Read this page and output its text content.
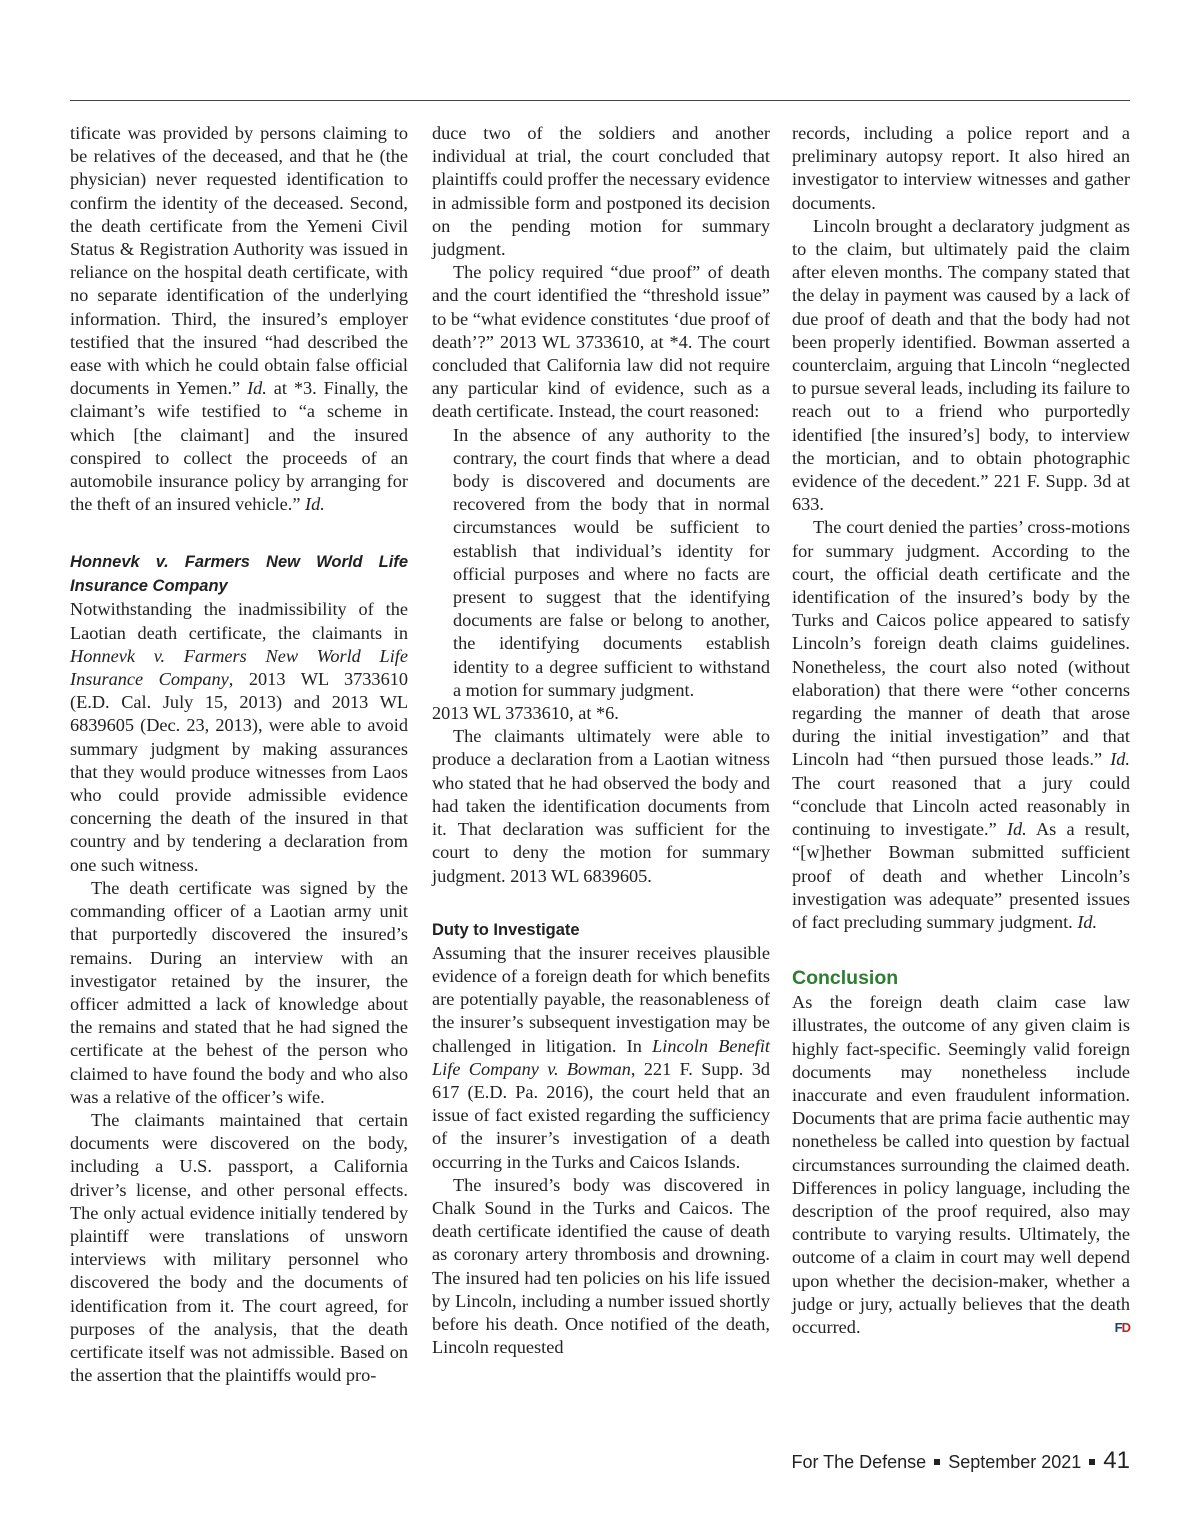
tificate was provided by persons claiming to be relatives of the deceased, and that he (the physician) never requested identification to confirm the identity of the deceased. Second, the death certificate from the Yemeni Civil Status & Registration Authority was issued in reliance on the hospital death certificate, with no separate identification of the underlying information. Third, the insured’s employer testified that the insured “had described the ease with which he could obtain false official documents in Yemen.” Id. at *3. Finally, the claimant’s wife testified to “a scheme in which [the claimant] and the insured conspired to collect the proceeds of an automobile insurance policy by arranging for the theft of an insured vehicle.” Id.

Honnevk v. Farmers New World Life Insurance Company

Notwithstanding the inadmissibility of the Laotian death certificate, the claimants in Honnevk v. Farmers New World Life Insurance Company, 2013 WL 3733610 (E.D. Cal. July 15, 2013) and 2013 WL 6839605 (Dec. 23, 2013), were able to avoid summary judgment by making assurances that they would produce witnesses from Laos who could provide admissible evidence concerning the death of the insured in that country and by tendering a declaration from one such witness.

The death certificate was signed by the commanding officer of a Laotian army unit that purportedly discovered the insured’s remains. During an interview with an investigator retained by the insurer, the officer admitted a lack of knowledge about the remains and stated that he had signed the certificate at the behest of the person who claimed to have found the body and who also was a relative of the officer’s wife.

The claimants maintained that certain documents were discovered on the body, including a U.S. passport, a California driver’s license, and other personal effects. The only actual evidence initially tendered by plaintiff were translations of unsworn interviews with military personnel who discovered the body and the documents of identification from it. The court agreed, for purposes of the analysis, that the death certificate itself was not admissible. Based on the assertion that the plaintiffs would pro-

duce two of the soldiers and another individual at trial, the court concluded that plaintiffs could proffer the necessary evidence in admissible form and postponed its decision on the pending motion for summary judgment.

The policy required “due proof” of death and the court identified the “threshold issue” to be “what evidence constitutes ‘due proof of death’?” 2013 WL 3733610, at *4. The court concluded that California law did not require any particular kind of evidence, such as a death certificate. Instead, the court reasoned:

In the absence of any authority to the contrary, the court finds that where a dead body is discovered and documents are recovered from the body that in normal circumstances would be sufficient to establish that individual’s identity for official purposes and where no facts are present to suggest that the identifying documents are false or belong to another, the identifying documents establish identity to a degree sufficient to withstand a motion for summary judgment.

2013 WL 3733610, at *6.

The claimants ultimately were able to produce a declaration from a Laotian witness who stated that he had observed the body and had taken the identification documents from it. That declaration was sufficient for the court to deny the motion for summary judgment. 2013 WL 6839605.

Duty to Investigate

Assuming that the insurer receives plausible evidence of a foreign death for which benefits are potentially payable, the reasonableness of the insurer’s subsequent investigation may be challenged in litigation. In Lincoln Benefit Life Company v. Bowman, 221 F. Supp. 3d 617 (E.D. Pa. 2016), the court held that an issue of fact existed regarding the sufficiency of the insurer’s investigation of a death occurring in the Turks and Caicos Islands.

The insured’s body was discovered in Chalk Sound in the Turks and Caicos. The death certificate identified the cause of death as coronary artery thrombosis and drowning. The insured had ten policies on his life issued by Lincoln, including a number issued shortly before his death. Once notified of the death, Lincoln requested

records, including a police report and a preliminary autopsy report. It also hired an investigator to interview witnesses and gather documents.

Lincoln brought a declaratory judgment as to the claim, but ultimately paid the claim after eleven months. The company stated that the delay in payment was caused by a lack of due proof of death and that the body had not been properly identified. Bowman asserted a counterclaim, arguing that Lincoln “neglected to pursue several leads, including its failure to reach out to a friend who purportedly identified [the insured’s] body, to interview the mortician, and to obtain photographic evidence of the decedent.” 221 F. Supp. 3d at 633.

The court denied the parties’ cross-motions for summary judgment. According to the court, the official death certificate and the identification of the insured’s body by the Turks and Caicos police appeared to satisfy Lincoln’s foreign death claims guidelines. Nonetheless, the court also noted (without elaboration) that there were “other concerns regarding the manner of death that arose during the initial investigation” and that Lincoln had “then pursued those leads.” Id. The court reasoned that a jury could “conclude that Lincoln acted reasonably in continuing to investigate.” Id. As a result, “[w]hether Bowman submitted sufficient proof of death and whether Lincoln’s investigation was adequate” presented issues of fact precluding summary judgment. Id.

Conclusion

As the foreign death claim case law illustrates, the outcome of any given claim is highly fact-specific. Seemingly valid foreign documents may nonetheless include inaccurate and even fraudulent information. Documents that are prima facie authentic may nonetheless be called into question by factual circumstances surrounding the claimed death. Differences in policy language, including the description of the proof required, also may contribute to varying results. Ultimately, the outcome of a claim in court may well depend upon whether the decision-maker, whether a judge or jury, actually believes that the death occurred.	FD

For The Defense September 2021 41
